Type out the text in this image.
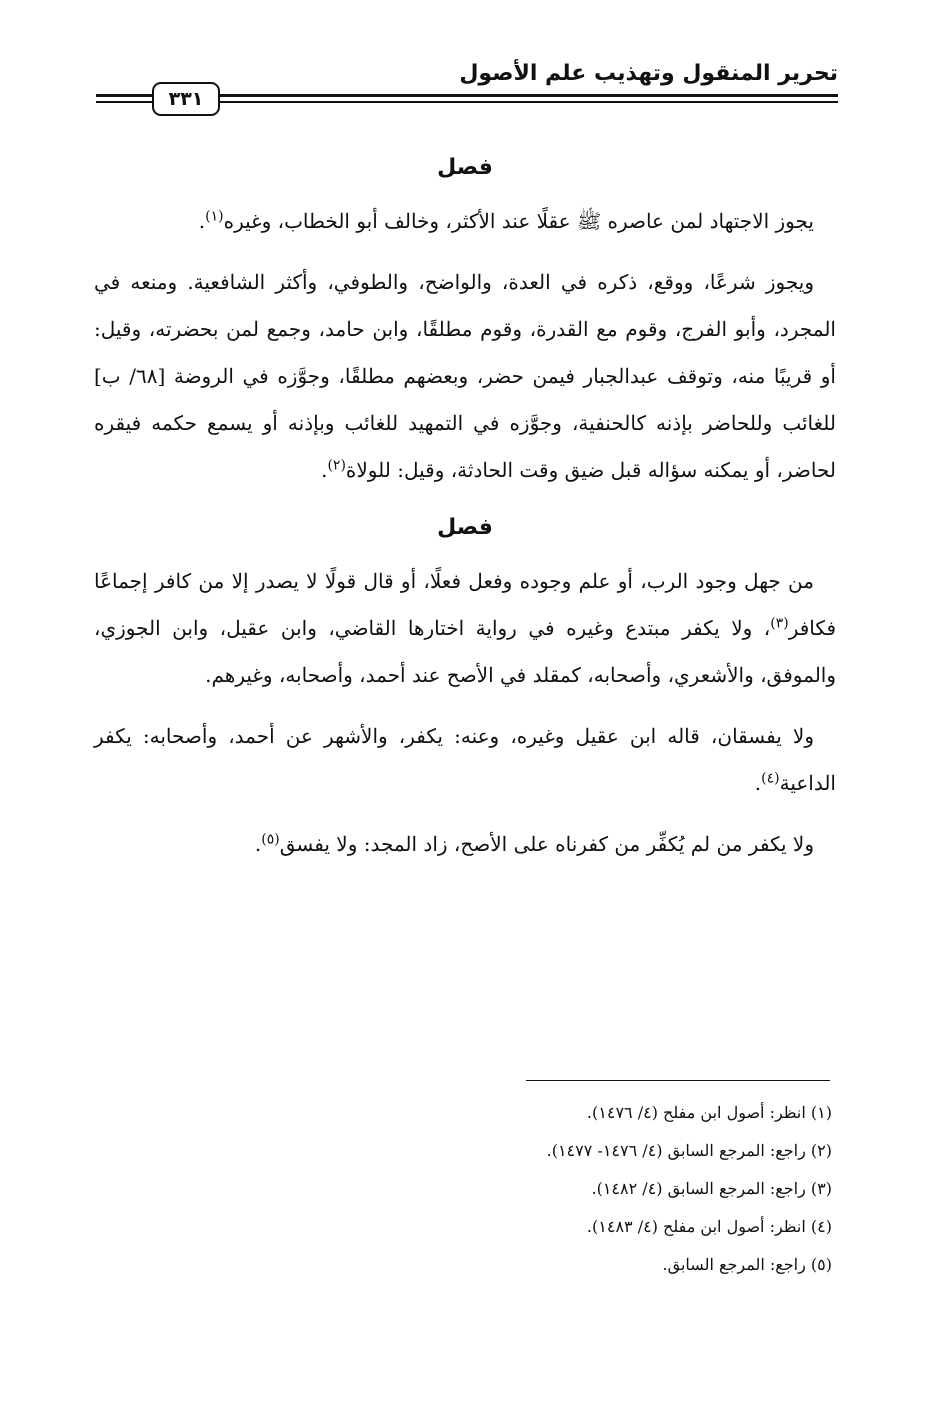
تحرير المنقول وتهذيب علم الأصول
٣٣١
فصل

يجوز الاجتهاد لمن عاصره ﷺ عقلًا عند الأكثر، وخالف أبو الخطاب، وغيره$^{(١)}$.

ويجوز شرعًا، ووقع، ذكره في العدة، والواضح، والطوفي، وأكثر الشافعية. ومنعه في المجرد، وأبو الفرج، وقوم مع القدرة، وقوم مطلقًا، وابن حامد، وجمع لمن بحضرته، وقيل: أو قريبًا منه، وتوقف عبدالجبار فيمن حضر، وبعضهم مطلقًا، وجوَّزه في الروضة [٦٨/ ب] للغائب وللحاضر بإذنه كالحنفية، وجوَّزه في التمهيد للغائب وبإذنه أو يسمع حكمه فيقره لحاضر، أو يمكنه سؤاله قبل ضيق وقت الحادثة، وقيل: للولاة$^{(٢)}$.

فصل

من جهل وجود الرب، أو علم وجوده وفعل فعلًا، أو قال قولًا لا يصدر إلا من كافر إجماعًا فكافر$^{(٣)}$، ولا يكفر مبتدع وغيره في رواية اختارها القاضي، وابن عقيل، وابن الجوزي، والموفق، والأشعري، وأصحابه، كمقلد في الأصح عند أحمد، وأصحابه، وغيرهم.

ولا يفسقان، قاله ابن عقيل وغيره، وعنه: يكفر، والأشهر عن أحمد، وأصحابه: يكفر الداعية$^{(٤)}$.

ولا يكفر من لم يُكفِّر من كفرناه على الأصح، زاد المجد: ولا يفسق$^{(٥)}$.

(١) انظر: أصول ابن مفلح (٤/ ١٤٧٦).

(٢) راجع: المرجع السابق (٤/ ١٤٧٦- ١٤٧٧).

(٣) راجع: المرجع السابق (٤/ ١٤٨٢).

(٤) انظر: أصول ابن مفلح (٤/ ١٤٨٣).

(٥) راجع: المرجع السابق.
